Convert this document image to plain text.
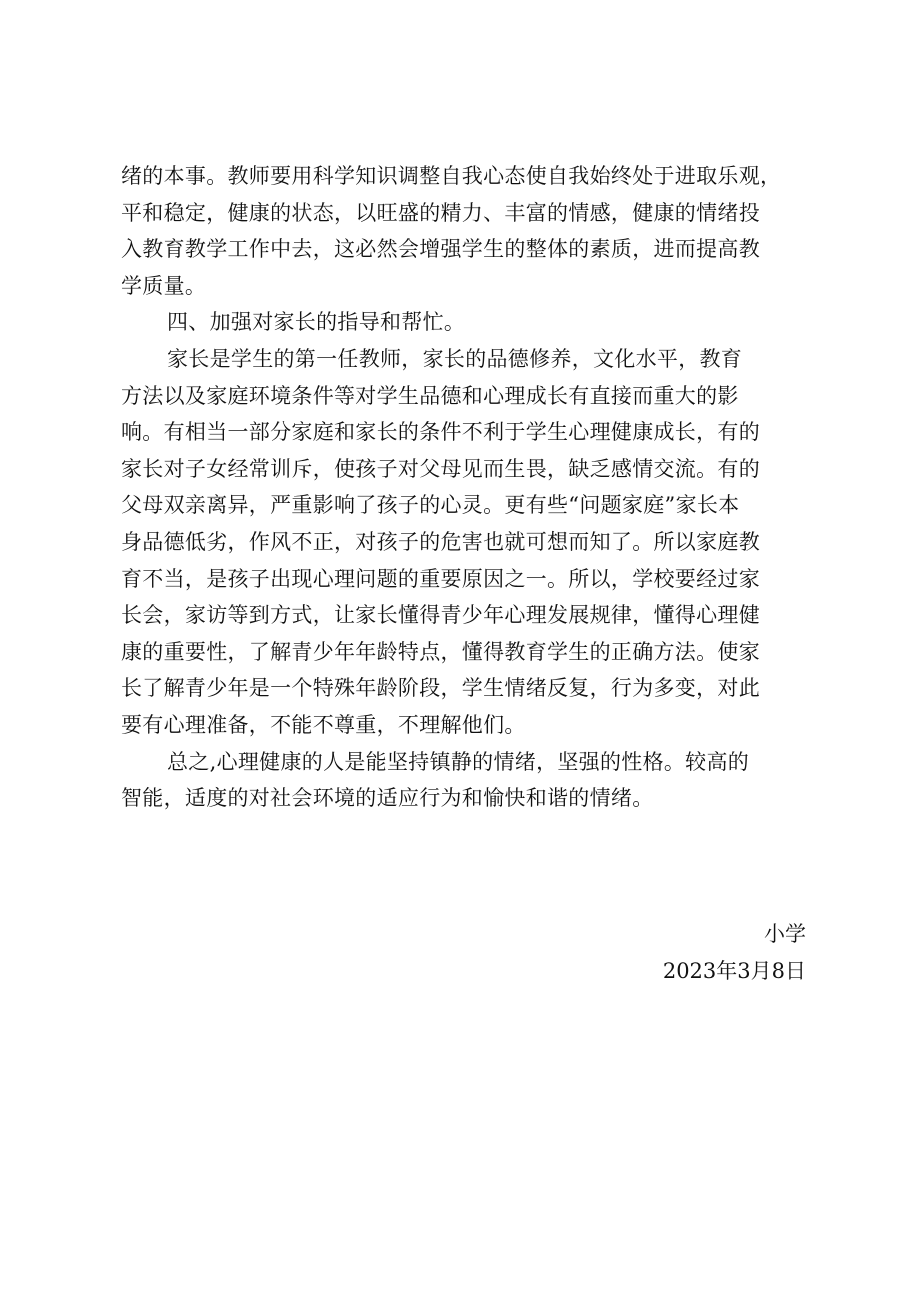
绪的本事。教师要用科学知识调整自我心态使自我始终处于进取乐观，
平和稳定，健康的状态，以旺盛的精力、丰富的情感，健康的情绪投
入教育教学工作中去，这必然会增强学生的整体的素质，进而提高教
学质量。
四、加强对家长的指导和帮忙。
家长是学生的第一任教师，家长的品德修养，文化水平，教育
方法以及家庭环境条件等对学生品德和心理成长有直接而重大的影
响。有相当一部分家庭和家长的条件不利于学生心理健康成长，有的
家长对子女经常训斥，使孩子对父母见而生畏，缺乏感情交流。有的
父母双亲离异，严重影响了孩子的心灵。更有些“问题家庭”家长本
身品德低劣，作风不正，对孩子的危害也就可想而知了。所以家庭教
育不当，是孩子出现心理问题的重要原因之一。所以，学校要经过家
长会，家访等到方式，让家长懂得青少年心理发展规律，懂得心理健
康的重要性，了解青少年年龄特点，懂得教育学生的正确方法。使家
长了解青少年是一个特殊年龄阶段，学生情绪反复，行为多变，对此
要有心理准备，不能不尊重，不理解他们。
总之,心理健康的人是能坚持镇静的情绪，坚强的性格。较高的
智能，适度的对社会环境的适应行为和愉快和谐的情绪。
小学
2023年3月8日
